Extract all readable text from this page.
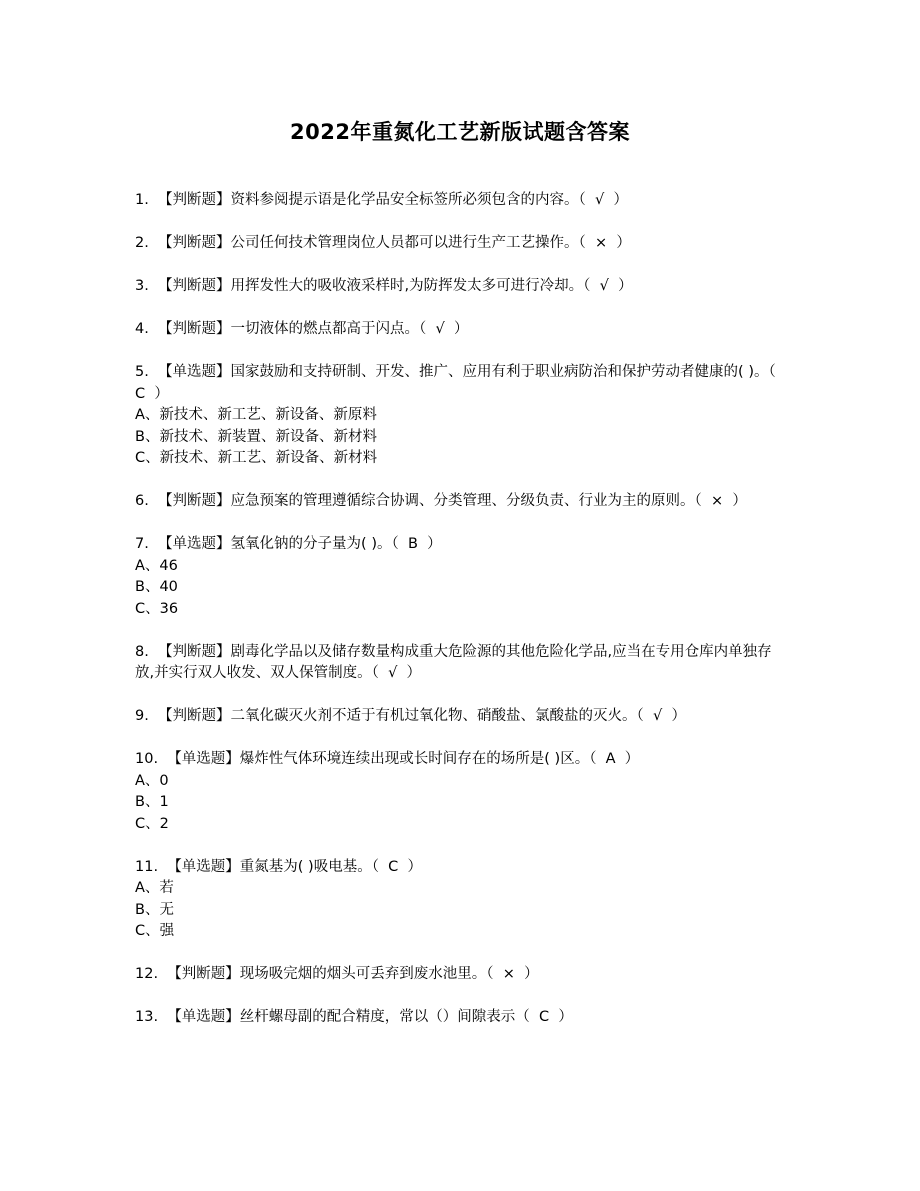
2022年重氮化工艺新版试题含答案
1.  【判断题】资料参阅提示语是化学品安全标签所必须包含的内容。（  √  ）
2.  【判断题】公司任何技术管理岗位人员都可以进行生产工艺操作。（  ×  ）
3.  【判断题】用挥发性大的吸收液采样时,为防挥发太多可进行冷却。（  √  ）
4.  【判断题】一切液体的燃点都高于闪点。（  √  ）
5.  【单选题】国家鼓励和支持研制、开发、推广、应用有利于职业病防治和保护劳动者健康的( )。（  C  ）
A、新技术、新工艺、新设备、新原料
B、新技术、新装置、新设备、新材料
C、新技术、新工艺、新设备、新材料
6.  【判断题】应急预案的管理遵循综合协调、分类管理、分级负责、行业为主的原则。（  ×  ）
7.  【单选题】氢氧化钠的分子量为( )。（  B  ）
A、46
B、40
C、36
8.  【判断题】剧毒化学品以及储存数量构成重大危险源的其他危险化学品,应当在专用仓库内单独存放,并实行双人收发、双人保管制度。（  √  ）
9.  【判断题】二氧化碳灭火剂不适于有机过氧化物、硝酸盐、氯酸盐的灭火。（  √  ）
10.  【单选题】爆炸性气体环境连续出现或长时间存在的场所是( )区。（  A  ）
A、0
B、1
C、2
11.  【单选题】重氮基为( )吸电基。（  C  ）
A、若
B、无
C、强
12.  【判断题】现场吸完烟的烟头可丢弃到废水池里。（  ×  ）
13.  【单选题】丝杆螺母副的配合精度，常以（）间隙表示（  C  ）
